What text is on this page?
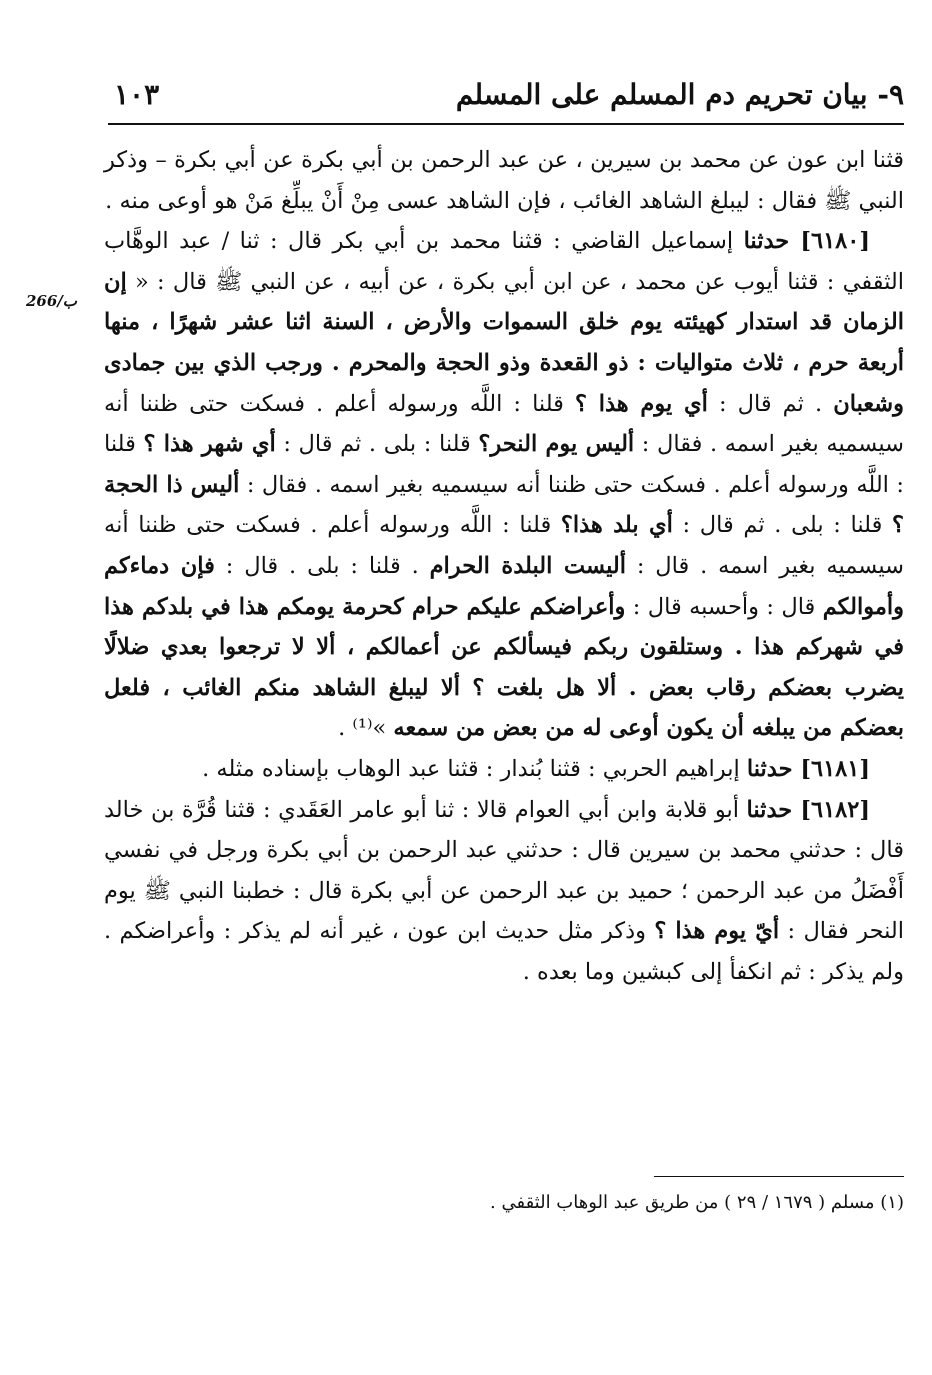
١٠٣	٩- بيان تحريم دم المسلم على المسلم
266/ب

قثنا ابن عون عن محمد بن سيرين ، عن عبد الرحمن بن أبي بكرة عن أبي بكرة – وذكر النبي ﷺ فقال : ليبلغ الشاهد الغائب ، فإن الشاهد عسى مِنْ أَنْ يبلِّغ مَنْ هو أوعى منه .

[٦١٨٠] حدثنا إسماعيل القاضي : قثنا محمد بن أبي بكر قال : ثنا / عبد الوهَّاب الثقفي : قثنا أيوب عن محمد ، عن ابن أبي بكرة ، عن أبيه ، عن النبي ﷺ قال : « إن الزمان قد استدار كهيئته يوم خلق السموات والأرض ، السنة اثنا عشر شهرًا ، منها أربعة حرم ، ثلاث متواليات : ذو القعدة وذو الحجة والمحرم . ورجب الذي بين جمادى وشعبان . ثم قال : أي يوم هذا ؟ قلنا : اللَّه ورسوله أعلم . فسكت حتى ظننا أنه سيسميه بغير اسمه . فقال : أليس يوم النحر؟ قلنا : بلى . ثم قال : أي شهر هذا ؟ قلنا : اللَّه ورسوله أعلم . فسكت حتى ظننا أنه سيسميه بغير اسمه . فقال : أليس ذا الحجة ؟ قلنا : بلى . ثم قال : أي بلد هذا؟ قلنا : اللَّه ورسوله أعلم . فسكت حتى ظننا أنه سيسميه بغير اسمه . قال : أليست البلدة الحرام . قلنا : بلى . قال : فإن دماءكم وأموالكم قال : وأحسبه قال : وأعراضكم عليكم حرام كحرمة يومكم هذا في بلدكم هذا في شهركم هذا . وستلقون ربكم فيسألكم عن أعمالكم ، ألا لا ترجعوا بعدي ضلالًا يضرب بعضكم رقاب بعض . ألا هل بلغت ؟ ألا ليبلغ الشاهد منكم الغائب ، فلعل بعضكم من يبلغه أن يكون أوعى له من بعض من سمعه »⁽¹⁾ .

[٦١٨١] حدثنا إبراهيم الحربي : قثنا بُندار : قثنا عبد الوهاب بإسناده مثله .

[٦١٨٢] حدثنا أبو قلابة وابن أبي العوام قالا : ثنا أبو عامر العَقَدي : قثنا قُرَّة بن خالد قال : حدثني محمد بن سيرين قال : حدثني عبد الرحمن بن أبي بكرة ورجل في نفسي أَفْضَلُ من عبد الرحمن ؛ حميد بن عبد الرحمن عن أبي بكرة قال : خطبنا النبي ﷺ يوم النحر فقال : أيّ يوم هذا ؟ وذكر مثل حديث ابن عون ، غير أنه لم يذكر : وأعراضكم . ولم يذكر : ثم انكفأ إلى كبشين وما بعده .

(١) مسلم ( ١٦٧٩ / ٢٩ ) من طريق عبد الوهاب الثقفي .
